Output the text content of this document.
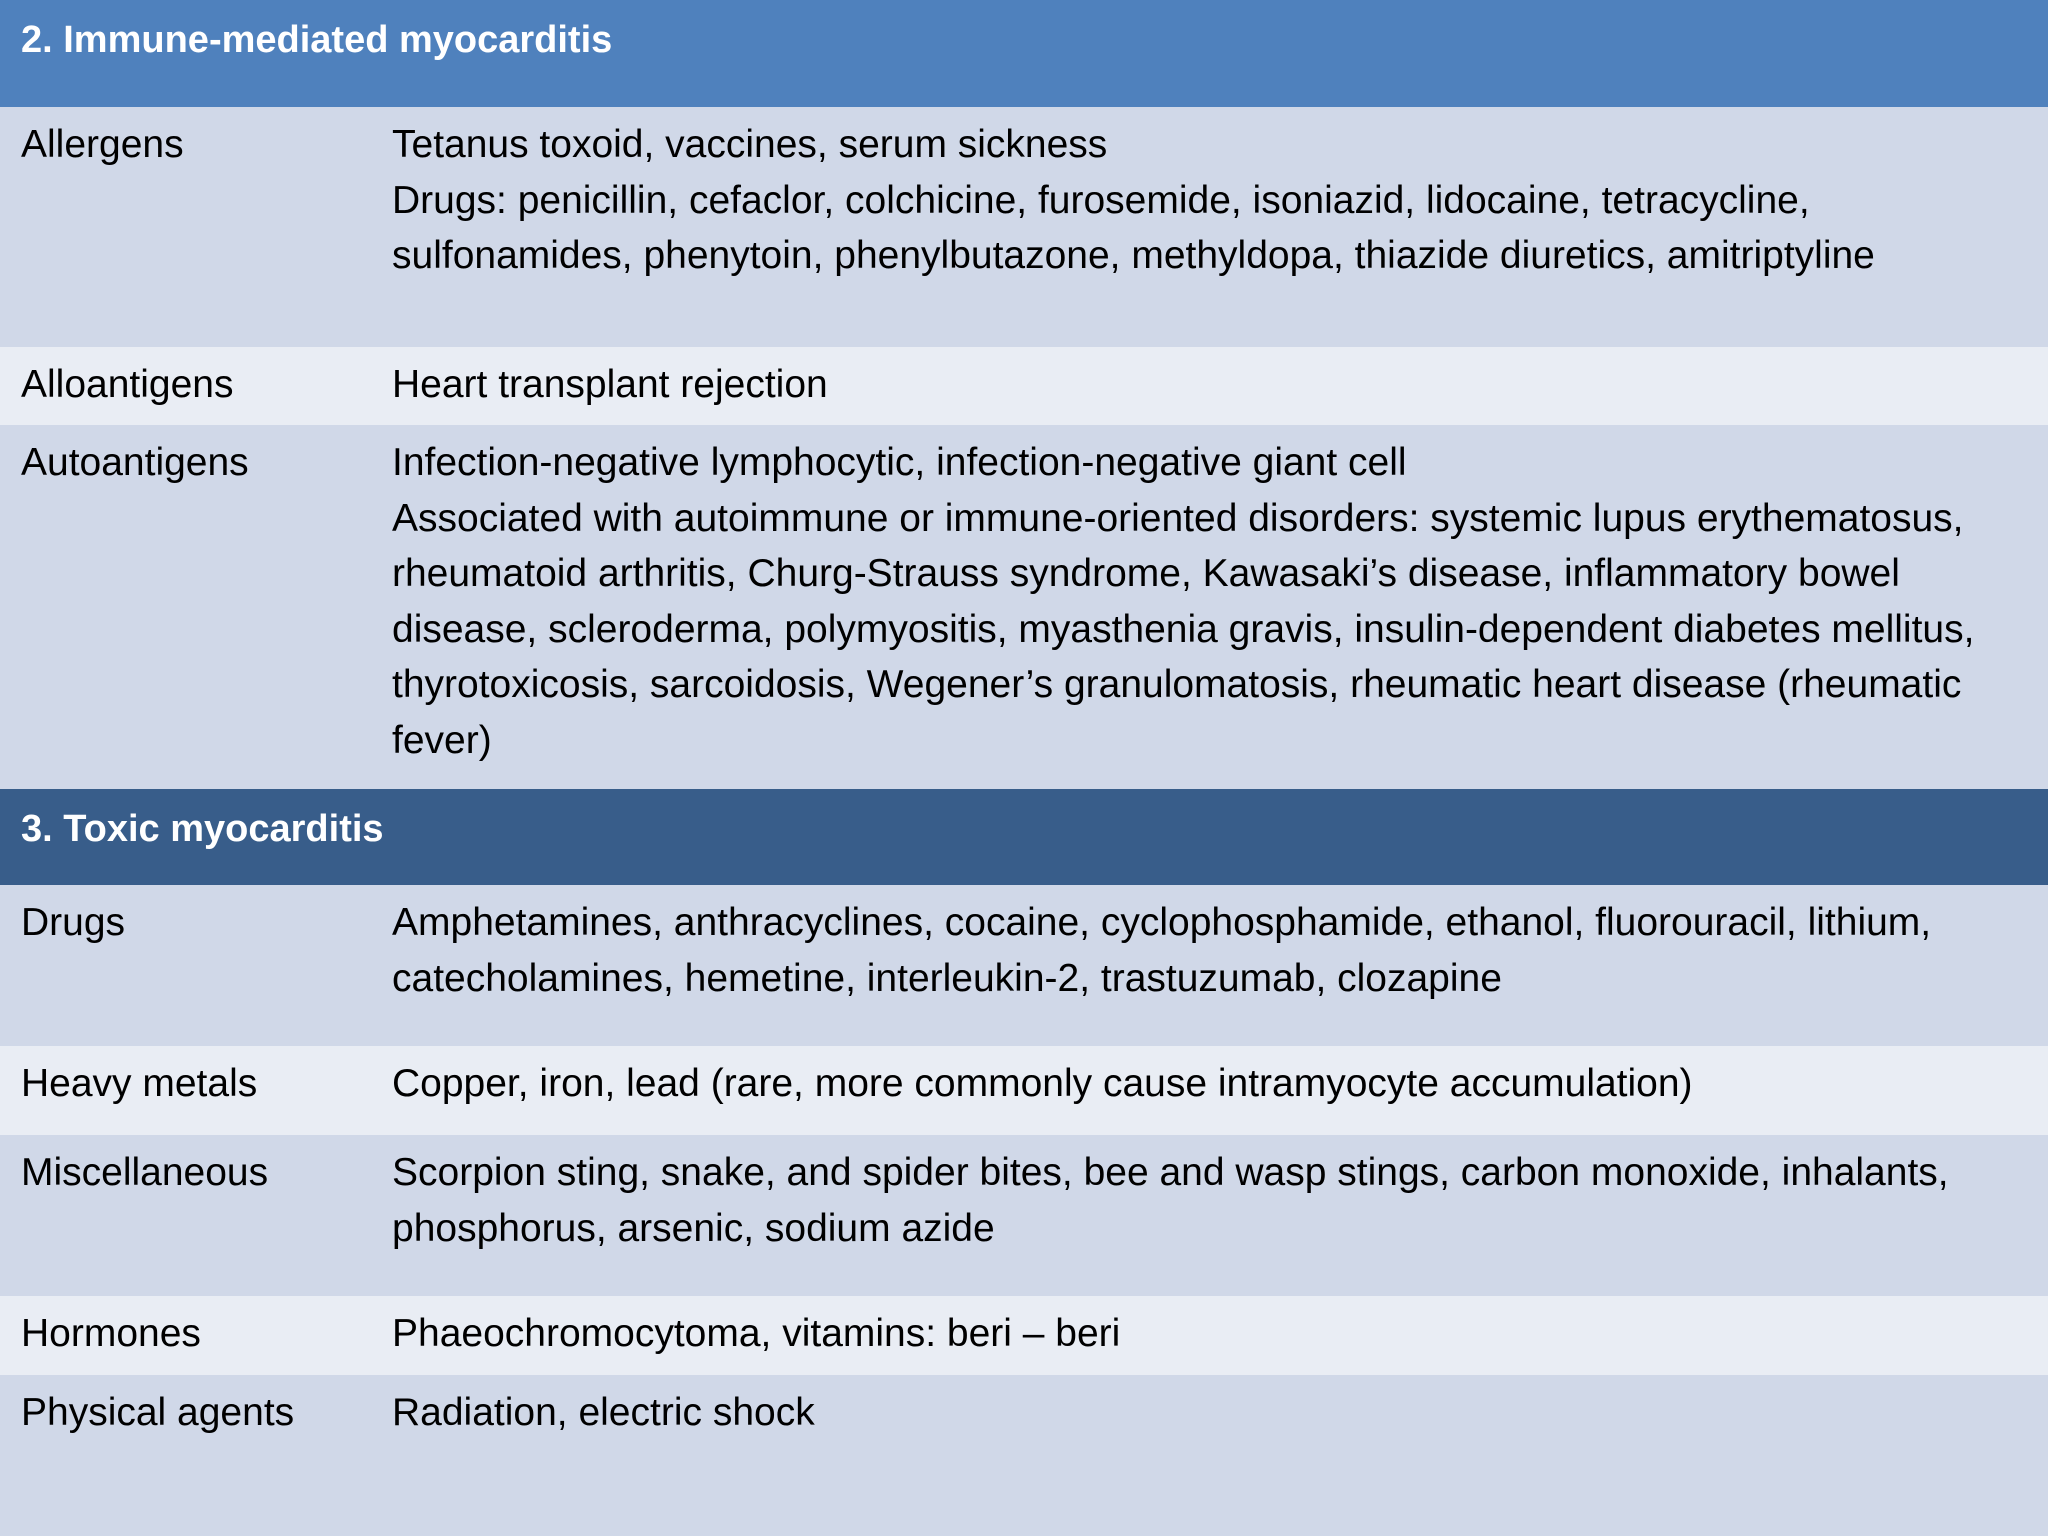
2. Immune-mediated myocarditis
Allergens	Tetanus toxoid, vaccines, serum sickness

Drugs: penicillin, cefaclor, colchicine, furosemide, isoniazid, lidocaine, tetracycline, sulfonamides, phenytoin, phenylbutazone, methyldopa, thiazide diuretics, amitriptyline

Alloantigens	Heart transplant rejection

Autoantigens	Infection-negative lymphocytic, infection-negative giant cell

Associated with autoimmune or immune-oriented disorders: systemic lupus erythematosus, rheumatoid arthritis, Churg-Strauss syndrome, Kawasaki’s disease, inflammatory bowel disease, scleroderma, polymyositis, myasthenia gravis, insulin-dependent diabetes mellitus, thyrotoxicosis, sarcoidosis, Wegener’s granulomatosis, rheumatic heart disease (rheumatic fever)

3. Toxic myocarditis
Drugs	Amphetamines, anthracyclines, cocaine, cyclophosphamide, ethanol, fluorouracil, lithium, catecholamines, hemetine, interleukin-2, trastuzumab, clozapine

Heavy metals	Copper, iron, lead (rare, more commonly cause intramyocyte accumulation)

Miscellaneous	Scorpion sting, snake, and spider bites, bee and wasp stings, carbon monoxide, inhalants, phosphorus, arsenic, sodium azide

Hormones	Phaeochromocytoma, vitamins: beri – beri

Physical agents	Radiation, electric shock
